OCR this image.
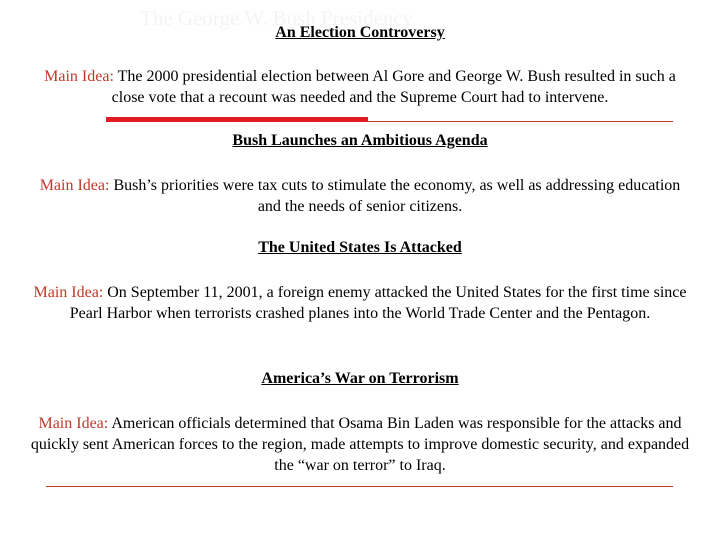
The George W. Bush Presidency
An Election Controversy
Main Idea: The 2000 presidential election between Al Gore and George W. Bush resulted in such a close vote that a recount was needed and the Supreme Court had to intervene.
Bush Launches an Ambitious Agenda
Main Idea: Bush’s priorities were tax cuts to stimulate the economy, as well as addressing education and the needs of senior citizens.
The United States Is Attacked
Main Idea: On September 11, 2001, a foreign enemy attacked the United States for the first time since Pearl Harbor when terrorists crashed planes into the World Trade Center and the Pentagon.
America’s War on Terrorism
Main Idea: American officials determined that Osama Bin Laden was responsible for the attacks and quickly sent American forces to the region, made attempts to improve domestic security, and expanded the “war on terror” to Iraq.
